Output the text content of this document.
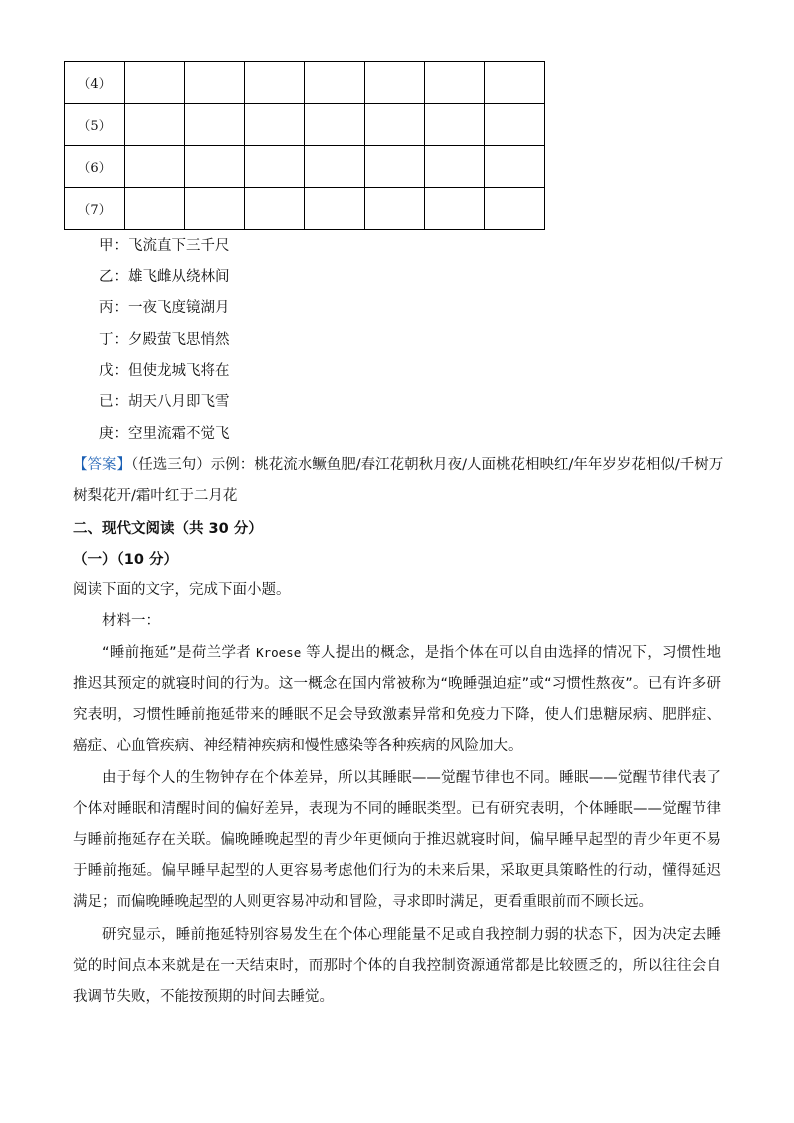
（4）							
（5）							
（6）							
（7）							
甲：飞流直下三千尺
乙：雄飞雌从绕林间
丙：一夜飞度镜湖月
丁：夕殿萤飞思悄然
戊：但使龙城飞将在
已：胡天八月即飞雪
庚：空里流霜不觉飞
【答案】（任选三句）示例：桃花流水鳜鱼肥/春江花朝秋月夜/人面桃花相映红/年年岁岁花相似/千树万
树梨花开/霜叶红于二月花
二、现代文阅读（共 30 分）
（一）（10 分）
阅读下面的文字，完成下面小题。
材料一：

“睡前拖延”是荷兰学者 Kroese 等人提出的概念，是指个体在可以自由选择的情况下，习惯性地推迟其预定的就寝时间的行为。这一概念在国内常被称为“晚睡强迫症”或“习惯性熬夜”。已有许多研究表明，习惯性睡前拖延带来的睡眠不足会导致激素异常和免疫力下降，使人们患糖尿病、肥胖症、癌症、心血管疾病、神经精神疾病和慢性感染等各种疾病的风险加大。

由于每个人的生物钟存在个体差异，所以其睡眠——觉醒节律也不同。睡眠——觉醒节律代表了个体对睡眠和清醒时间的偏好差异，表现为不同的睡眠类型。已有研究表明，个体睡眠——觉醒节律与睡前拖延存在关联。偏晚睡晚起型的青少年更倾向于推迟就寝时间，偏早睡早起型的青少年更不易于睡前拖延。偏早睡早起型的人更容易考虑他们行为的未来后果，采取更具策略性的行动，懂得延迟满足；而偏晚睡晚起型的人则更容易冲动和冒险，寻求即时满足，更看重眼前而不顾长远。

研究显示，睡前拖延特别容易发生在个体心理能量不足或自我控制力弱的状态下，因为决定去睡觉的时间点本来就是在一天结束时，而那时个体的自我控制资源通常都是比较匮乏的，所以往往会自我调节失败，不能按预期的时间去睡觉。
